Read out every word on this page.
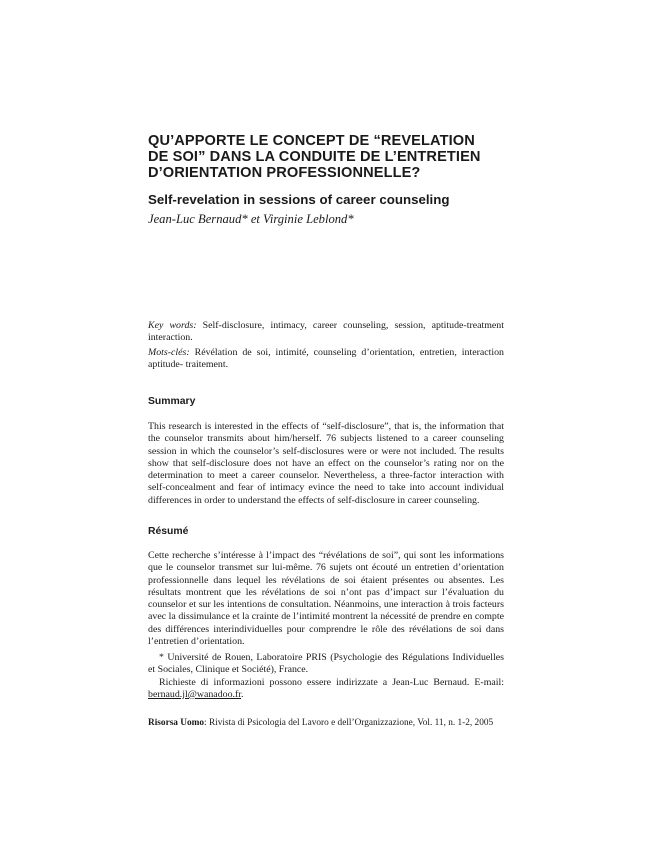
QU’APPORTE LE CONCEPT DE “REVELATION
DE SOI” DANS LA CONDUITE DE L’ENTRETIEN
D’ORIENTATION PROFESSIONNELLE?
Self-revelation in sessions of career counseling

Jean-Luc Bernaud* et Virginie Leblond*

Key words: Self-disclosure, intimacy, career counseling, session, aptitude-treatment interaction.

Mots-clés: Révélation de soi, intimité, counseling d’orientation, entretien, interaction aptitude- traitement.

Summary

This research is interested in the effects of “self-disclosure”, that is, the information that the counselor transmits about him/herself. 76 subjects listened to a career counseling session in which the counselor’s self-disclosures were or were not included. The results show that self-disclosure does not have an effect on the counselor’s rating nor on the determination to meet a career counselor. Nevertheless, a three-factor interaction with self-concealment and fear of intimacy evince the need to take into account individual differences in order to understand the effects of self-disclosure in career counseling.

Résumé

Cette recherche s’intéresse à l’impact des “révélations de soi”, qui sont les informations que le counselor transmet sur lui-même. 76 sujets ont écouté un entretien d’orientation professionnelle dans lequel les révélations de soi étaient présentes ou absentes. Les résultats montrent que les révélations de soi n’ont pas d’impact sur l’évaluation du counselor et sur les intentions de consultation. Néanmoins, une interaction à trois facteurs avec la dissimulance et la crainte de l’intimité montrent la nécessité de prendre en compte des différences interindividuelles pour comprendre le rôle des révélations de soi dans l’entretien d’orientation.

* Université de Rouen, Laboratoire PRIS (Psychologie des Régulations Individuelles et Sociales, Clinique et Société), France.

Richieste di informazioni possono essere indirizzate a Jean-Luc Bernaud. E-mail: bernaud.jl@wanadoo.fr.

Risorsa Uomo: Rivista di Psicologia del Lavoro e dell’Organizzazione, Vol. 11, n. 1-2, 2005
